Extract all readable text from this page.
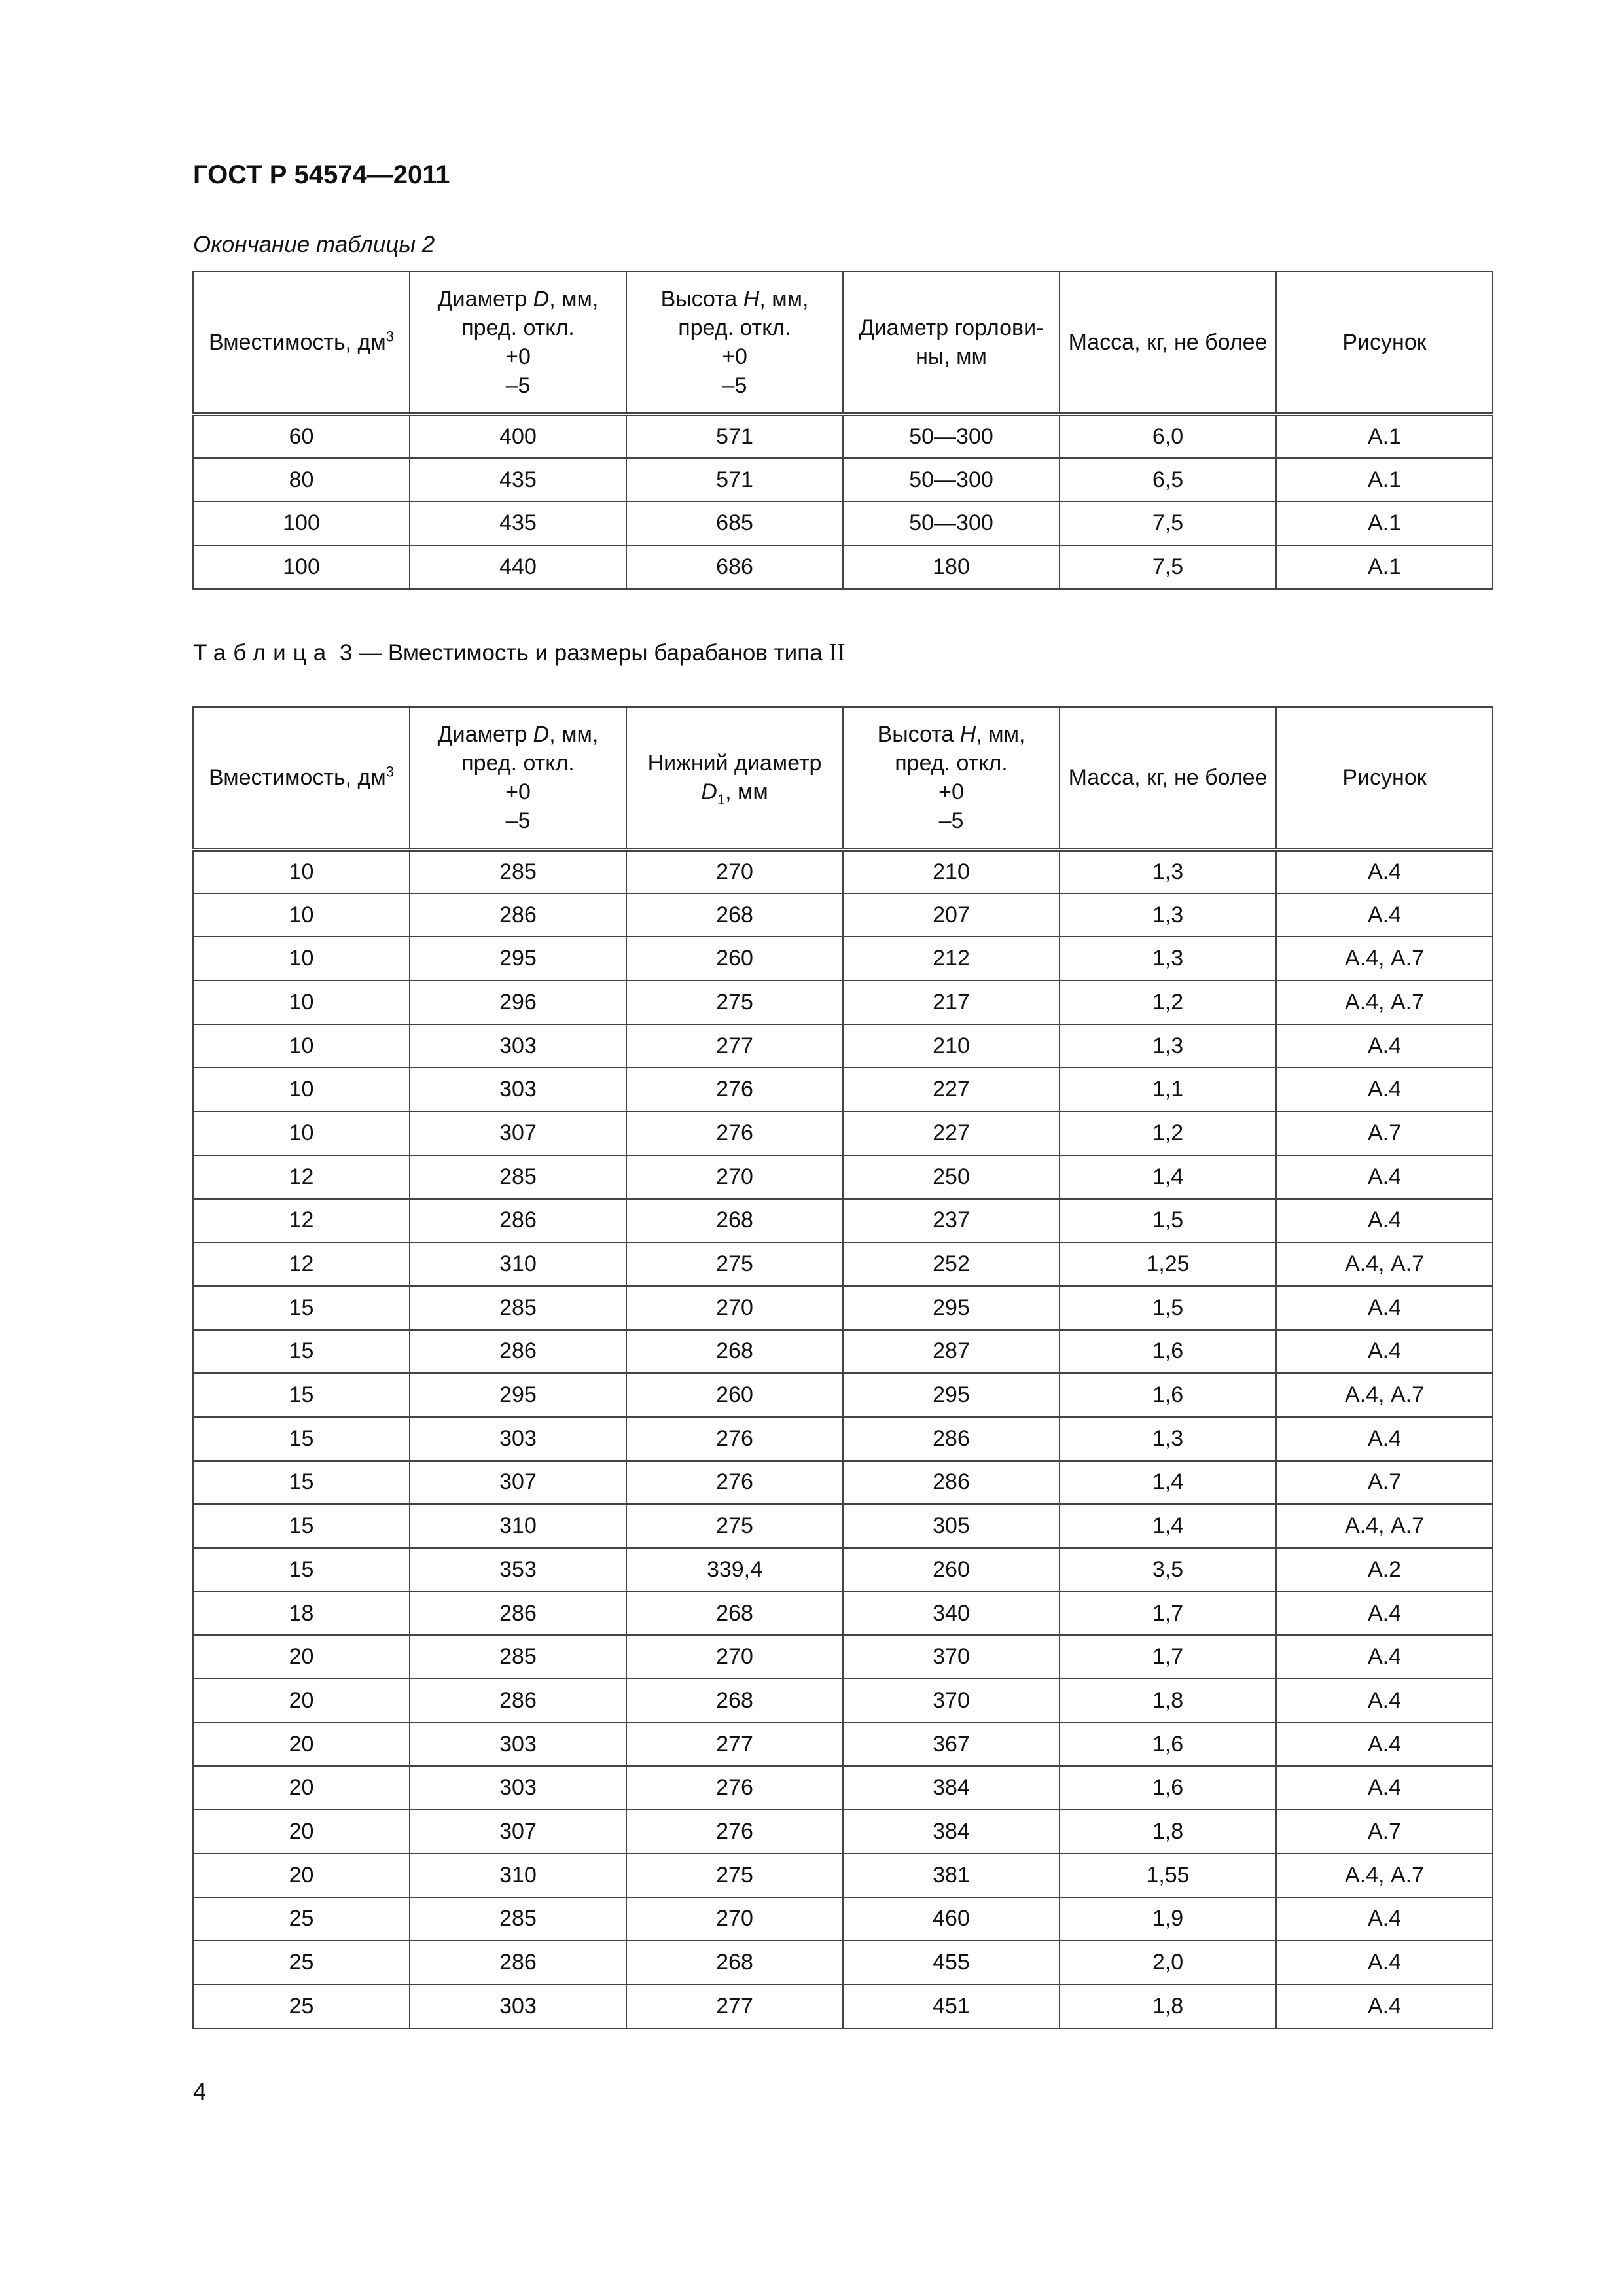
ГОСТ Р 54574—2011
Окончание таблицы 2
Вместимость, $дм^3$	Диаметр D, мм,
пред. откл.
+0
–5	Высота H, мм,
пред. откл.
+0
–5	Диаметр горлови-
ны, мм	Масса, кг, не более	Рисунок
60	400	571	50—300	6,0	А.1
80	435	571	50—300	6,5	А.1
100	435	685	50—300	7,5	А.1
100	440	686	180	7,5	А.1
Таблица 3 — Вместимость и размеры барабанов типа II
Вместимость, $дм^3$	Диаметр D, мм,
пред. откл.
+0
–5	Нижний диаметр
$D_1$, мм	Высота H, мм,
пред. откл.
+0
–5	Масса, кг, не более	Рисунок
10	285	270	210	1,3	А.4
10	286	268	207	1,3	А.4
10	295	260	212	1,3	А.4, А.7
10	296	275	217	1,2	А.4, А.7
10	303	277	210	1,3	А.4
10	303	276	227	1,1	А.4
10	307	276	227	1,2	А.7
12	285	270	250	1,4	А.4
12	286	268	237	1,5	А.4
12	310	275	252	1,25	А.4, А.7
15	285	270	295	1,5	А.4
15	286	268	287	1,6	А.4
15	295	260	295	1,6	А.4, А.7
15	303	276	286	1,3	А.4
15	307	276	286	1,4	А.7
15	310	275	305	1,4	А.4, А.7
15	353	339,4	260	3,5	А.2
18	286	268	340	1,7	А.4
20	285	270	370	1,7	А.4
20	286	268	370	1,8	А.4
20	303	277	367	1,6	А.4
20	303	276	384	1,6	А.4
20	307	276	384	1,8	А.7
20	310	275	381	1,55	А.4, А.7
25	285	270	460	1,9	А.4
25	286	268	455	2,0	А.4
25	303	277	451	1,8	А.4
4
